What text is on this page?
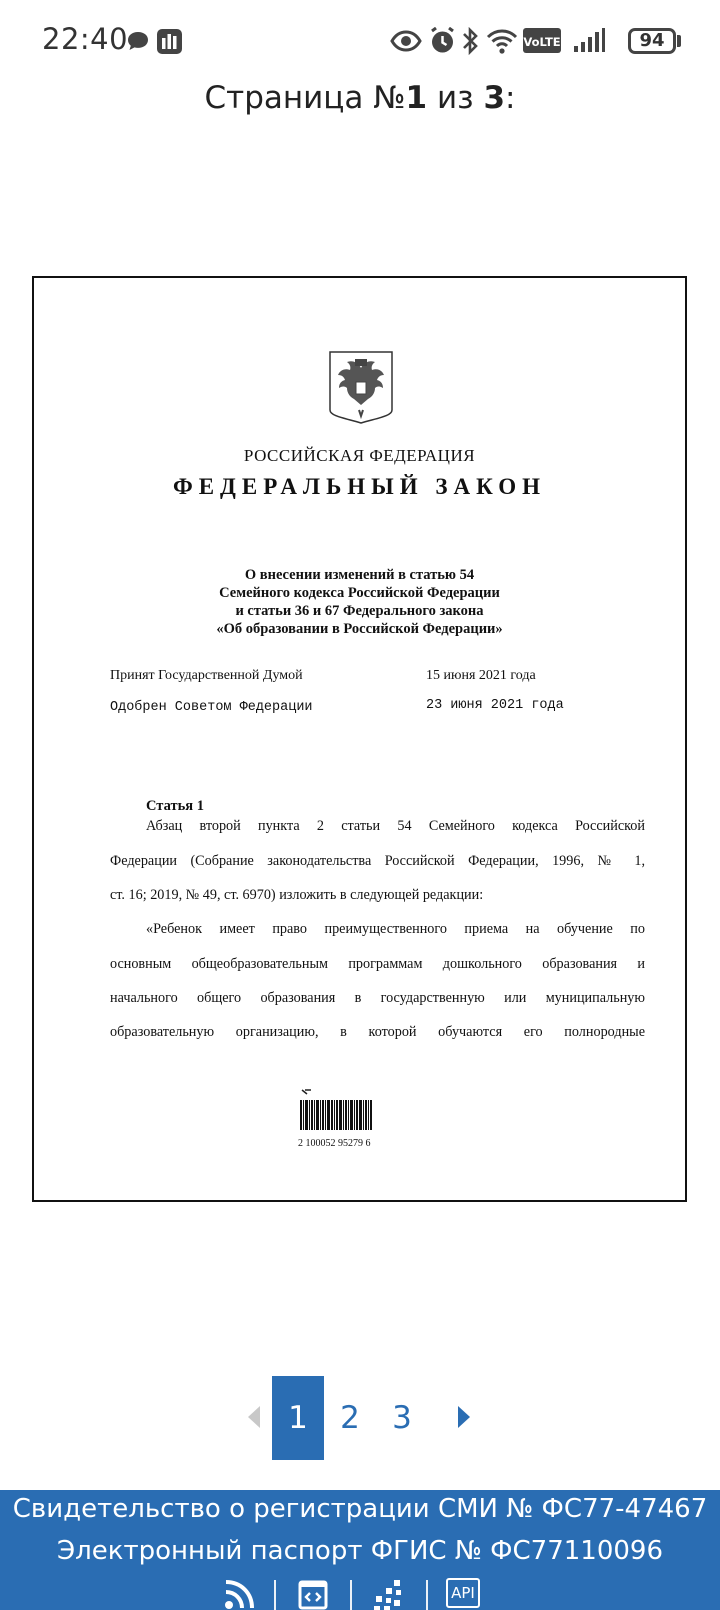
22:40	VoLTE	94
Страница №1 из 3:
РОССИЙСКАЯ ФЕДЕРАЦИЯ
ФЕДЕРАЛЬНЫЙ ЗАКОН
О внесении изменений в статью 54
Семейного кодекса Российской Федерации
и статьи 36 и 67 Федерального закона
«Об образовании в Российской Федерации»
Принят Государственной Думой	15 июня 2021 года
Одобрен Советом Федерации	23 июня 2021 года
Статья 1
Абзац второй пункта 2 статьи 54 Семейного кодекса Российской
Федерации (Собрание законодательства Российской Федерации, 1996, № 1,
ст. 16; 2019, № 49, ст. 6970) изложить в следующей редакции:
«Ребенок имеет право преимущественного приема на обучение по
основным общеобразовательным программам дошкольного образования и
начального общего образования в государственную или муниципальную
образовательную организацию, в которой обучаются его полнородные
2 100052 95279 6
1	2	3
Свидетельство о регистрации СМИ № ФС77-47467
Электронный паспорт ФГИС № ФС77110096
API
